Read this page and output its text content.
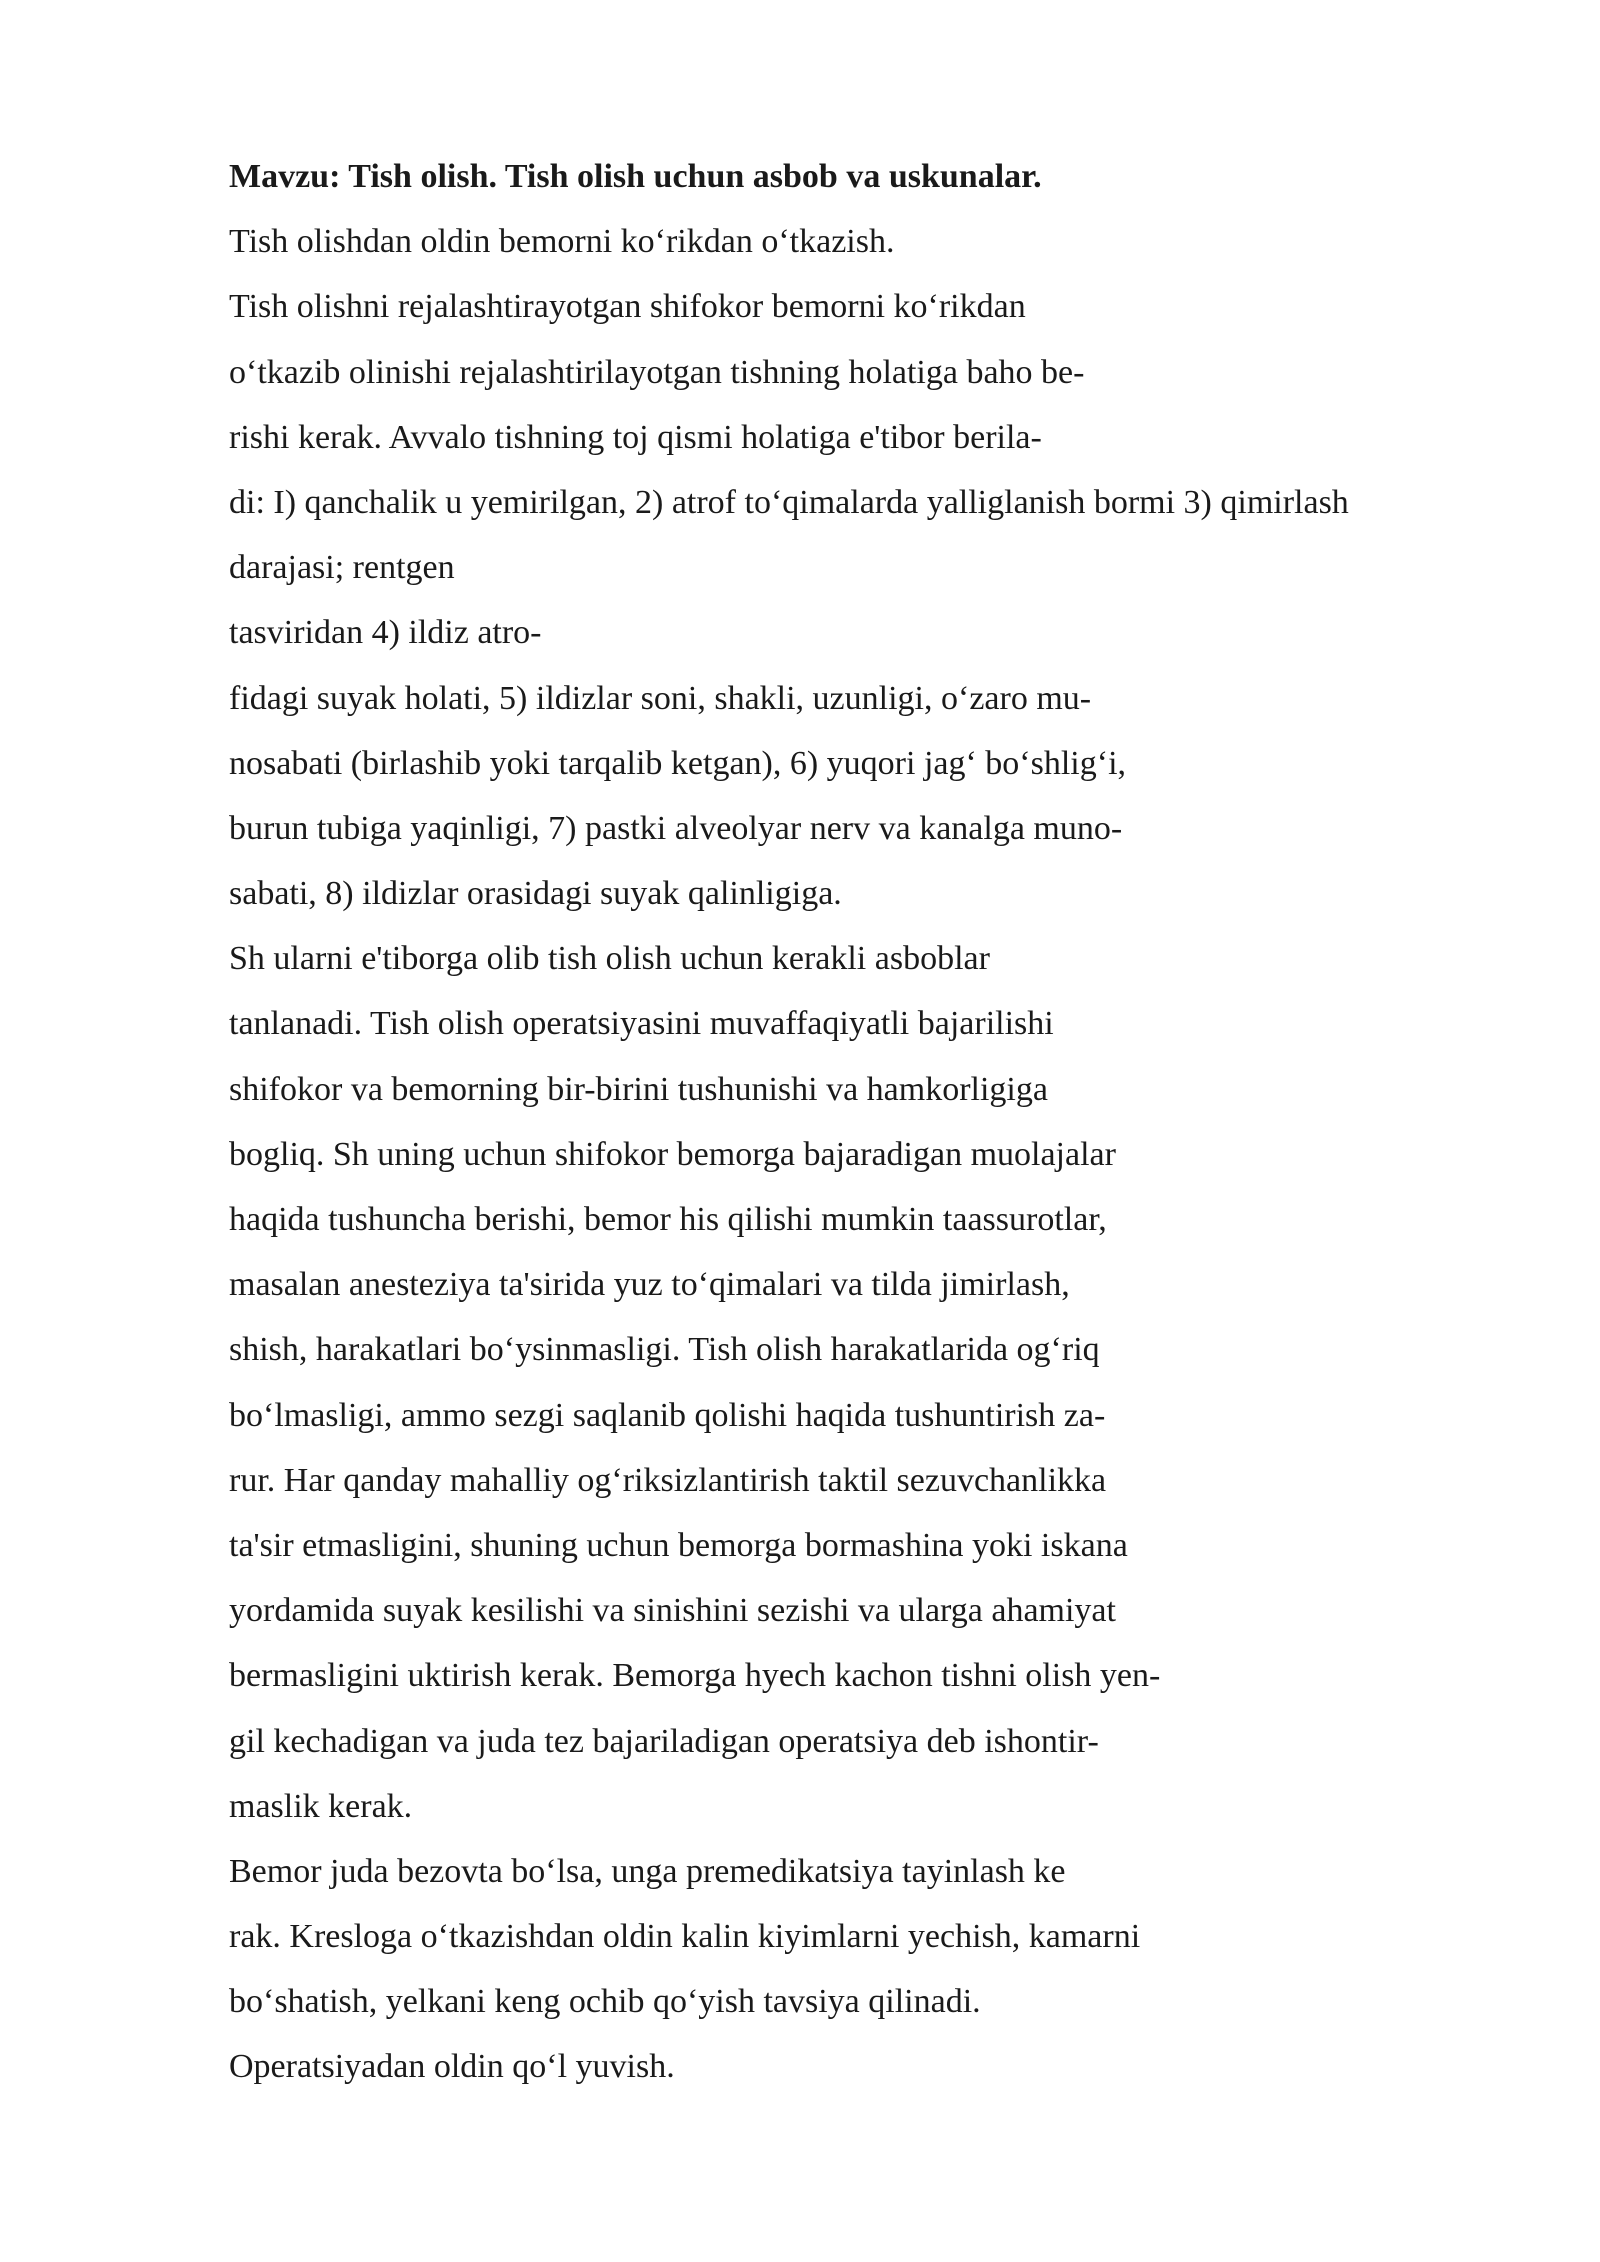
Mavzu: Tish olish. Tish olish uchun asbob va uskunalar.
Tish olishdan oldin bemorni ko‘rikdan o‘tkazish.
Tish olishni rejalashtirayotgan shifokor bemorni ko‘rikdan
o‘tkazib olinishi rejalashtirilayotgan tishning holatiga baho be-
rishi kerak. Avvalo tishning toj qismi holatiga e'tibor berila-
di: I) qanchalik u yemirilgan, 2) atrof to‘qimalarda yalliglanish bormi 3) qimirlash
darajasi; rentgen
tasviridan 4) ildiz atro-
fidagi suyak holati, 5) ildizlar soni, shakli, uzunligi, o‘zaro mu-
nosabati (birlashib yoki tarqalib ketgan), 6) yuqori jag‘ bo‘shlig‘i,
burun tubiga yaqinligi, 7) pastki alveolyar nerv va kanalga muno-
sabati, 8) ildizlar orasidagi suyak qalinligiga.
Sh ularni e'tiborga olib tish olish uchun kerakli asboblar
tanlanadi. Tish olish operatsiyasini muvaffaqiyatli bajarilishi
shifokor va bemorning bir-birini tushunishi va hamkorligiga
bogliq. Sh uning uchun shifokor bemorga bajaradigan muolajalar
haqida tushuncha berishi, bemor his qilishi mumkin taassurotlar,
masalan anesteziya ta'sirida yuz to‘qimalari va tilda jimirlash,
shish, harakatlari bo‘ysinmasligi. Tish olish harakatlarida og‘riq
bo‘lmasligi, ammo sezgi saqlanib qolishi haqida tushuntirish za-
rur. Har qanday mahalliy og‘riksizlantirish taktil sezuvchanlikka
ta'sir etmasligini, shuning uchun bemorga bormashina yoki iskana
yordamida suyak kesilishi va sinishini sezishi va ularga ahamiyat
bermasligini uktirish kerak. Bemorga hyech kachon tishni olish yen-
gil kechadigan va juda tez bajariladigan operatsiya deb ishontir-
maslik kerak.
Bemor juda bezovta bo‘lsa, unga premedikatsiya tayinlash ke
rak. Kresloga o‘tkazishdan oldin kalin kiyimlarni yechish, kamarni
bo‘shatish, yelkani keng ochib qo‘yish tavsiya qilinadi.
Operatsiyadan oldin qo‘l yuvish.
